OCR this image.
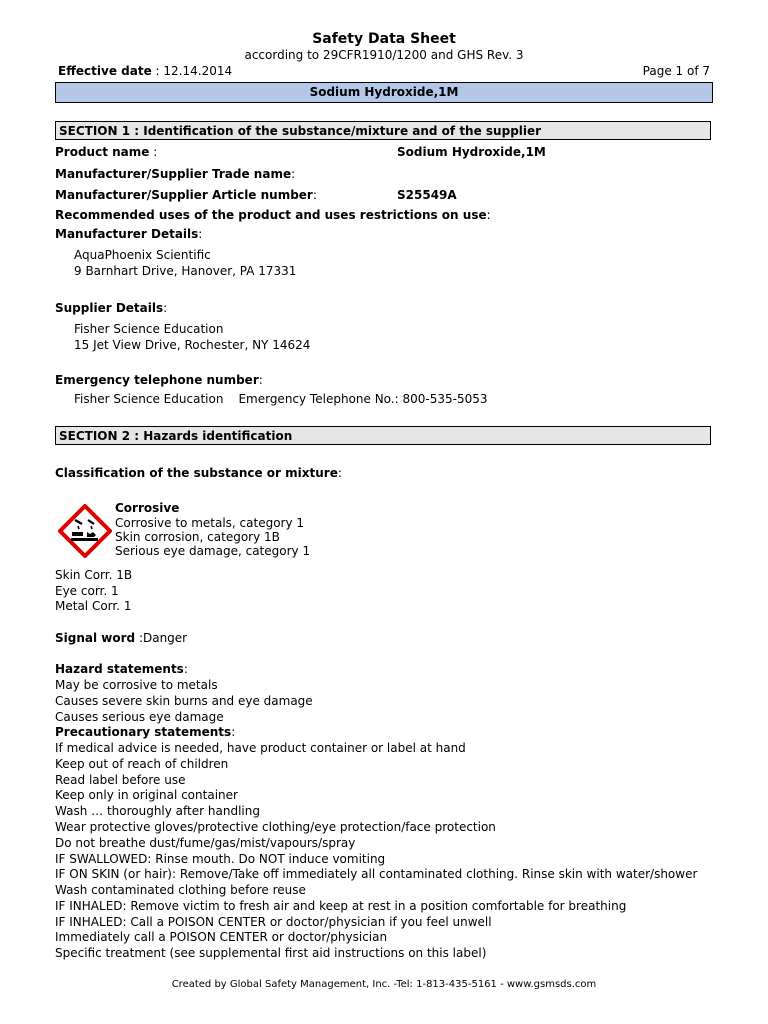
Safety Data Sheet
according to 29CFR1910/1200 and GHS Rev. 3
Effective date : 12.14.2014	Page 1 of 7
Sodium Hydroxide,1M
SECTION 1 : Identification of the substance/mixture and of the supplier
Product name :	Sodium Hydroxide,1M
Manufacturer/Supplier Trade name:
Manufacturer/Supplier Article number:	S25549A
Recommended uses of the product and uses restrictions on use:
Manufacturer Details:
AquaPhoenix Scientific
9 Barnhart Drive, Hanover, PA 17331
Supplier Details:
Fisher Science Education
15 Jet View Drive, Rochester, NY 14624
Emergency telephone number:
Fisher Science Education Emergency Telephone No.: 800-535-5053
SECTION 2 : Hazards identification
Classification of the substance or mixture:
Corrosive
Corrosive to metals, category 1
Skin corrosion, category 1B
Serious eye damage, category 1
Skin Corr. 1B
Eye corr. 1
Metal Corr. 1
Signal word :Danger
Hazard statements:
May be corrosive to metals
Causes severe skin burns and eye damage
Causes serious eye damage
Precautionary statements:
If medical advice is needed, have product container or label at hand
Keep out of reach of children
Read label before use
Keep only in original container
Wash … thoroughly after handling
Wear protective gloves/protective clothing/eye protection/face protection
Do not breathe dust/fume/gas/mist/vapours/spray
IF SWALLOWED: Rinse mouth. Do NOT induce vomiting
IF ON SKIN (or hair): Remove/Take off immediately all contaminated clothing. Rinse skin with water/shower
Wash contaminated clothing before reuse
IF INHALED: Remove victim to fresh air and keep at rest in a position comfortable for breathing
IF INHALED: Call a POISON CENTER or doctor/physician if you feel unwell
Immediately call a POISON CENTER or doctor/physician
Specific treatment (see supplemental first aid instructions on this label)
Created by Global Safety Management, Inc. -Tel: 1-813-435-5161 - www.gsmsds.com
